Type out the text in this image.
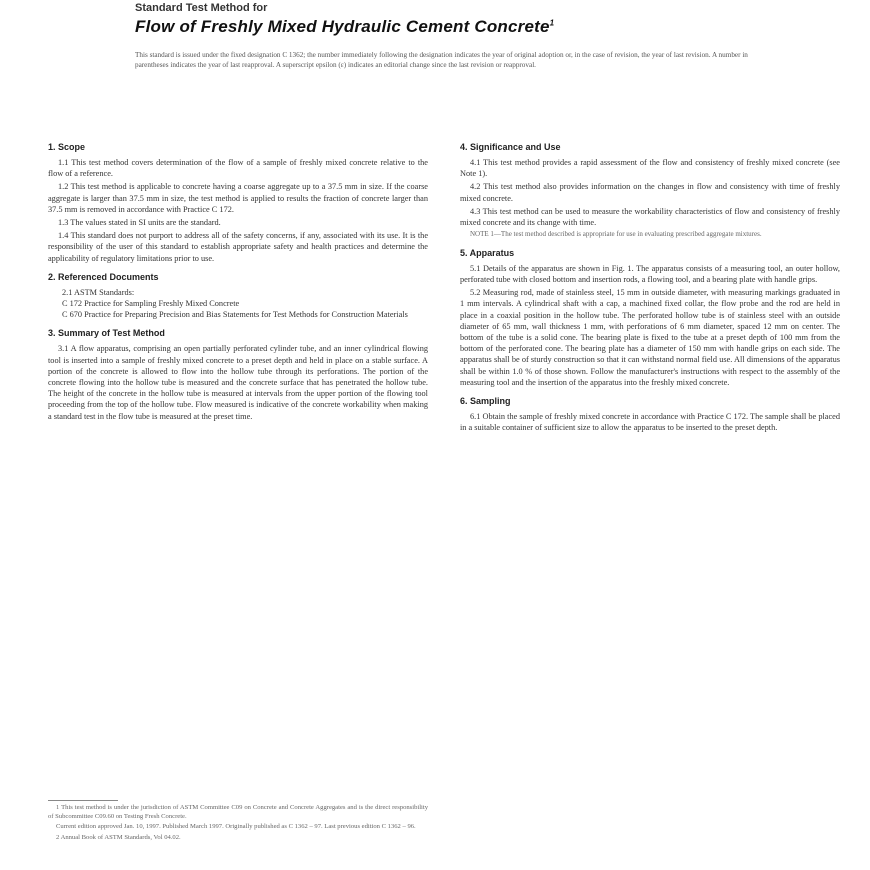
Standard Test Method for
Flow of Freshly Mixed Hydraulic Cement Concrete$^1$
This standard is issued under the fixed designation C 1362; the number immediately following the designation indicates the year of original adoption or, in the case of revision, the year of last revision. A number in parentheses indicates the year of last reapproval. A superscript epsilon (ε) indicates an editorial change since the last revision or reapproval.
1. Scope

1.1 This test method covers determination of the flow of a sample of freshly mixed concrete relative to the flow of a reference.

1.2 This test method is applicable to concrete having a coarse aggregate up to a 37.5 mm in size. If the coarse aggregate is larger than 37.5 mm in size, the test method is applied to results the fraction of concrete larger than 37.5 mm is removed in accordance with Practice C 172.

1.3 The values stated in SI units are the standard.

1.4 This standard does not purport to address all of the safety concerns, if any, associated with its use. It is the responsibility of the user of this standard to establish appropriate safety and health practices and determine the applicability of regulatory limitations prior to use.

2. Referenced Documents
2.1 ASTM Standards:
C 172 Practice for Sampling Freshly Mixed Concrete
C 670 Practice for Preparing Precision and Bias Statements for Test Methods for Construction Materials
3. Summary of Test Method

3.1 A flow apparatus, comprising an open partially perforated cylinder tube, and an inner cylindrical flowing tool is inserted into a sample of freshly mixed concrete to a preset depth and held in place on a stable surface. A portion of the concrete is allowed to flow into the hollow tube through its perforations. The portion of the concrete flowing into the hollow tube is measured and the concrete surface that has penetrated the hollow tube. The height of the concrete in the hollow tube is measured at intervals from the upper portion of the flowing tool proceeding from the top of the hollow tube. Flow measured is indicative of the concrete workability when making a standard test in the flow tube is measured at the preset time.

4. Significance and Use

4.1 This test method provides a rapid assessment of the flow and consistency of freshly mixed concrete (see Note 1).

4.2 This test method also provides information on the changes in flow and consistency with time of freshly mixed concrete.

4.3 This test method can be used to measure the workability characteristics of flow and consistency of freshly mixed concrete and its change with time.

NOTE 1—The test method described is appropriate for use in evaluating prescribed aggregate mixtures.

5. Apparatus

5.1 Details of the apparatus are shown in Fig. 1. The apparatus consists of a measuring tool, an outer hollow, perforated tube with closed bottom and insertion rods, a flowing tool, and a bearing plate with handle grips.

5.2 Measuring rod, made of stainless steel, 15 mm in outside diameter, with measuring markings graduated in 1 mm intervals. A cylindrical shaft with a cap, a machined fixed collar, the flow probe and the rod are held in place in a coaxial position in the hollow tube. The perforated hollow tube is of stainless steel with an outside diameter of 65 mm, wall thickness 1 mm, with perforations of 6 mm diameter, spaced 12 mm on center. The bottom of the tube is a solid cone. The bearing plate is fixed to the tube at a preset depth of 100 mm from the bottom of the perforated cone. The bearing plate has a diameter of 150 mm with handle grips on each side. The apparatus shall be of sturdy construction so that it can withstand normal field use. All dimensions of the apparatus shall be within 1.0 % of those shown. Follow the manufacturer's instructions with respect to the assembly of the measuring tool and the insertion of the apparatus into the freshly mixed concrete.

6. Sampling

6.1 Obtain the sample of freshly mixed concrete in accordance with Practice C 172. The sample shall be placed in a suitable container of sufficient size to allow the apparatus to be inserted to the preset depth.

1 This test method is under the jurisdiction of ASTM Committee C09 on Concrete and Concrete Aggregates and is the direct responsibility of Subcommittee C09.60 on Testing Fresh Concrete.

Current edition approved Jan. 10, 1997. Published March 1997. Originally published as C 1362 – 97. Last previous edition C 1362 – 96.

2 Annual Book of ASTM Standards, Vol 04.02.
